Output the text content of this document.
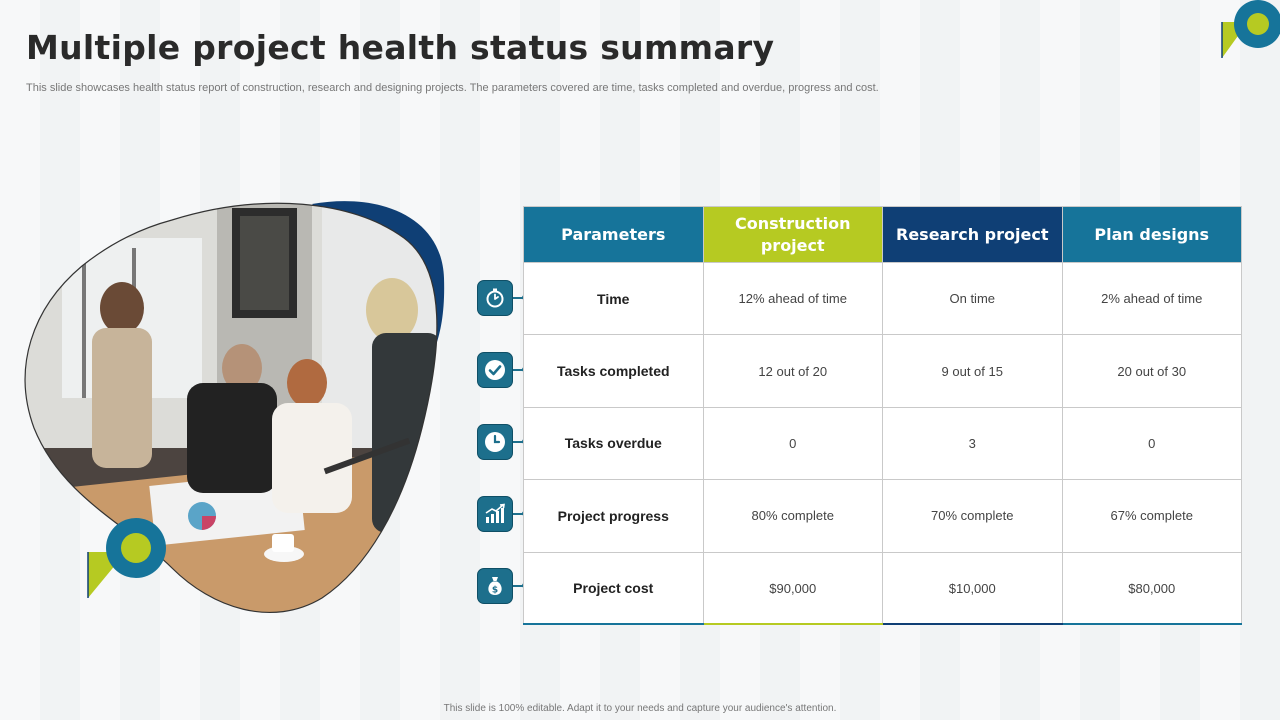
Multiple project health status summary
This slide showcases health status report of construction, research and designing projects. The parameters covered are time, tasks completed and overdue, progress and cost.
$
Parameters	Construction project	Research project	Plan designs
Time	12% ahead of time	On time	2% ahead of time
Tasks completed	12 out of 20	9 out of 15	20 out of 30
Tasks overdue	0	3	0
Project progress	80% complete	70% complete	67% complete
Project cost	$90,000	$10,000	$80,000
This slide is 100% editable. Adapt it to your needs and capture your audience's attention.
